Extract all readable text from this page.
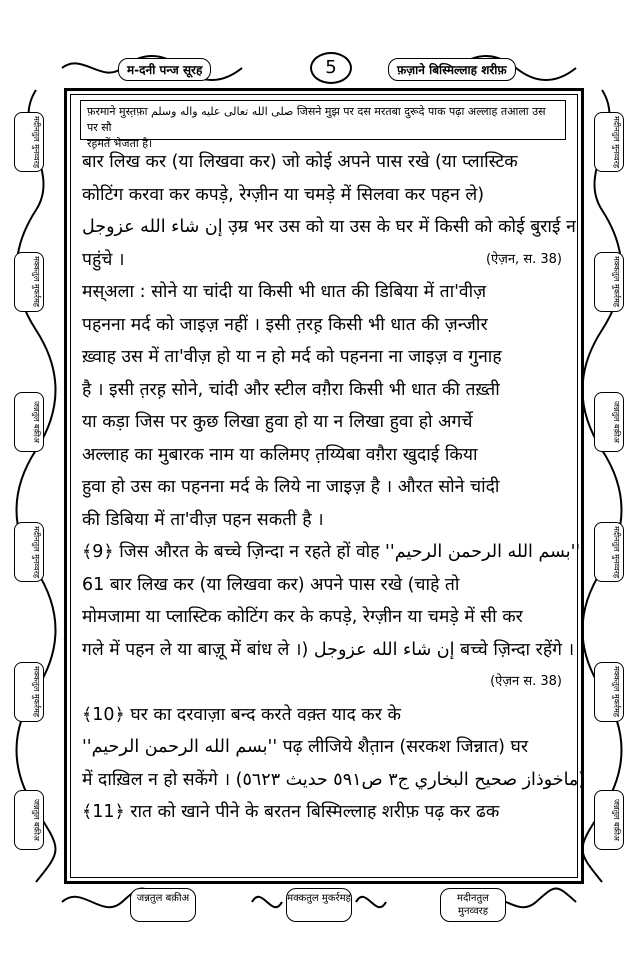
म-दनी पन्ज सूरह	5	फ़ज़ाने बिस्मिल्लाह शरीफ़
फ़रमाने मुस्त़फ़ा صلى الله تعالى عليه واله وسلم जिसने मुझ पर दस मरतबा दुरूदे पाक पढ़ा अल्लाह तआला उस पर सौ
रह़मतें भेजता है।
बार लिख कर (या लिखवा कर) जो कोई अपने पास रखे (या प्लास्टिक
कोटिंग करवा कर कपड़े, रेग्ज़ीन या चमड़े में सिलवा कर पहन ले)
إن شاء الله عزوجل उ़म्र भर उस को या उस के घर में किसी को कोई बुराई न
पहुंचे ।	(ऐज़न, स. 38)
मस्अला : सोने या चांदी या किसी भी धात की डिबिया में ता'वीज़
पहनना मर्द को जाइज़ नहीं । इसी त़रह़ किसी भी धात की ज़न्जीर
ख़्वाह उस में ता'वीज़ हो या न हो मर्द को पहनना ना जाइज़ व गुनाह
है । इसी त़रह़ सोने, चांदी और स्टील वग़ैरा किसी भी धात की तख़्ती
या कड़ा जिस पर कुछ लिखा हुवा हो या न लिखा हुवा हो अगर्चे
अल्लाह का मुबारक नाम या कलिमए त़य्यिबा वग़ैरा खुदाई किया
हुवा हो उस का पहनना मर्द के लिये ना जाइज़ है । औरत सोने चांदी
की डिबिया में ता'वीज़ पहन सकती है ।
﴾9﴿ जिस औरत के बच्चे ज़िन्दा न रहते हों वोह ''بسم الله الرحمن الرحيم''
61 बार लिख कर (या लिखवा कर) अपने पास रखे (चाहे तो
मोमजामा या प्लास्टिक कोटिंग कर के कपड़े, रेग्ज़ीन या चमड़े में सी कर
गले में पहन ले या बाज़ू में बांध ले ।) إن شاء الله عزوجل बच्चे ज़िन्दा रहेंगे ।
(ऐज़न स. 38)
﴾10﴿ घर का दरवाज़ा बन्द करते वक़्त याद कर के
''بسم الله الرحمن الرحيم'' पढ़ लीजिये शैत़ान (सरकश जिन्नात) घर
में दाख़िल न हो सकेंगे । (ماخوذاز صحيح البخاري ج٣ ص٥٩١ حديث ٥٦٢٣)
﴾11﴿ रात को खाने पीने के बरतन बिस्मिल्लाह शरीफ़ पढ़ कर ढक
मदीनतुल मुनव्वरह
मक्कतुल मुकर्रमह
जन्नतुल बक़ीअ
मदीनतुल मुनव्वरह
मक्कतुल मुकर्रमह
जन्नतुल बक़ीअ
मदीनतुल मुनव्वरह
मक्कतुल मुकर्रमह
जन्नतुल बक़ीअ
मदीनतुल मुनव्वरह
मक्कतुल मुकर्रमह
जन्नतुल बक़ीअ
जन्नतुल बक़ीअ	मक्कतुल मुकर्रमह	मदीनतुल मुनव्वरह
